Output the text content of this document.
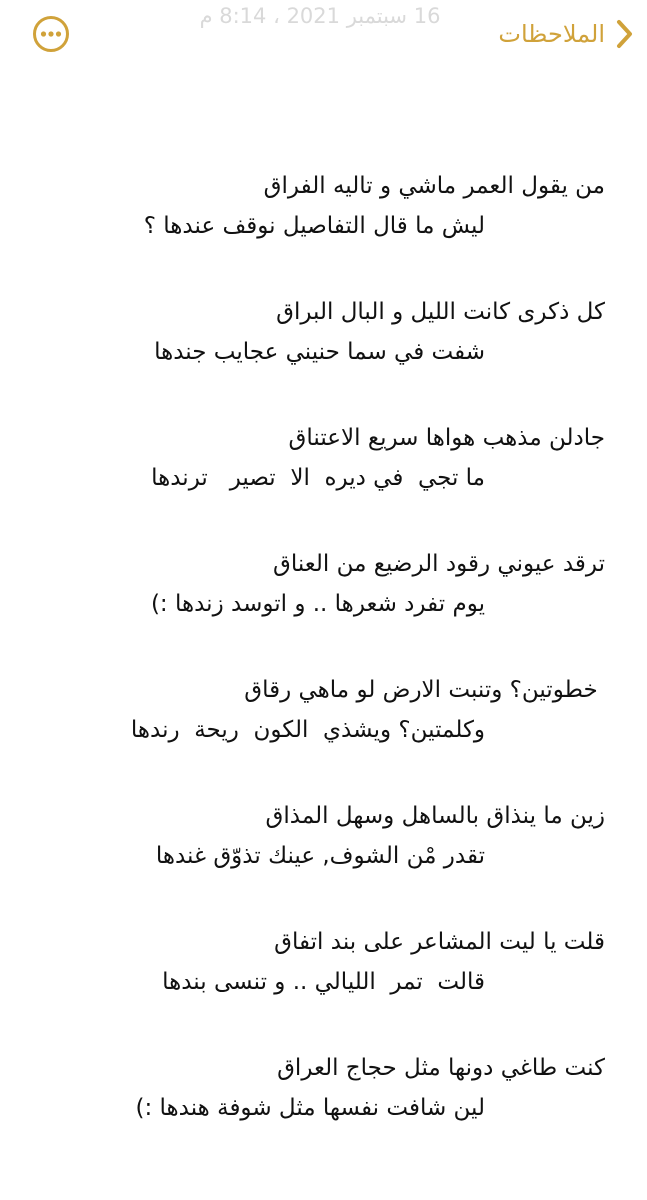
16 سبتمبر 2021 ، 8:14 م
الملاحظات
من يقول العمر ماشي و تاليه الفراق
ليش ما قال التفاصيل نوقف عندها ؟
كل ذكرى كانت الليل و البال البراق
شفت في سما حنيني عجايب جندها
جادلن مذهب هواها سريع الاعتناق
ما تجي  في ديره  الا  تصير   ترندها
ترقد عيوني رقود الرضيع من العناق
يوم تفرد شعرها .. و اتوسد زندها :)
خطوتين؟ وتنبت الارض لو ماهي رقاق
وكلمتين؟ ويشذي  الكون  ريحة  رندها
زين ما ينذاق بالساهل وسهل المذاق
تقدر مْن الشوف, عينك تذوّق غندها
قلت يا ليت المشاعر على بند اتفاق
قالت  تمر  الليالي .. و تنسى بندها
كنت طاغي دونها مثل حجاج العراق
لين شافت نفسها مثل شوفة هندها :)
